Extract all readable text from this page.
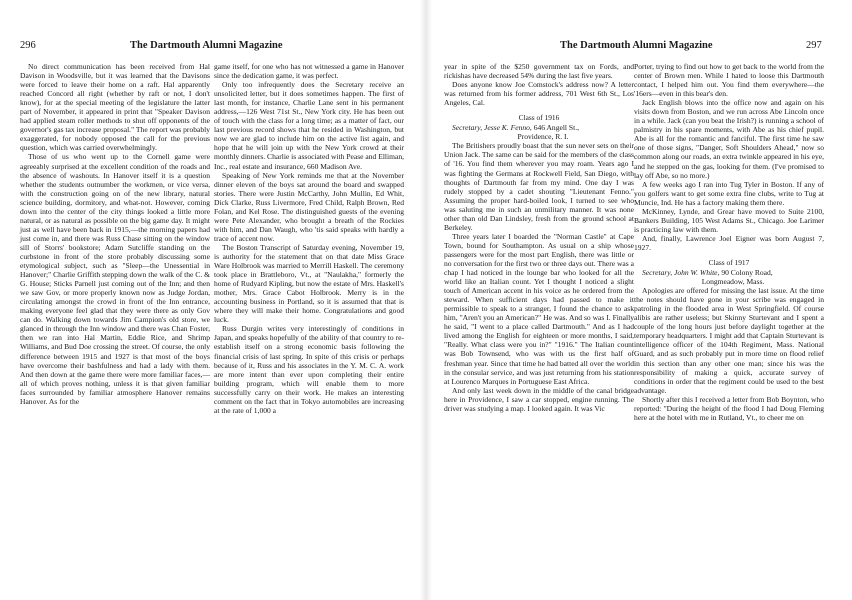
296	The Dartmouth Alumni Magazine

No direct communication has been received from Hal Davison in Woodsville, but it was learned that the Davisons were forced to leave their home on a raft. Hal apparently reached Concord all right (whether by raft or not, I don't know), for at the special meeting of the legislature the latter part of November, it appeared in print that "Speaker Davison had applied steam roller methods to shut off opponents of the governor's gas tax increase proposal." The report was probably exaggerated, for nobody opposed the call for the previous question, which was carried overwhelmingly.

Those of us who went up to the Cornell game were agreeably surprised at the excellent condition of the roads and the absence of washouts. In Hanover itself it is a question whether the students outnumber the workmen, or vice versa, with the construction going on of the new library, natural science building, dormitory, and what-not. However, coming down into the center of the city things looked a little more natural, or as natural as possible on the big game day. It might just as well have been back in 1915,—the morning papers had just come in, and there was Russ Chase sitting on the window sill of Storrs' bookstore; Adam Sutcliffe standing on the curbstone in front of the store probably discussing some etymological subject, such as "Sleep—the Unessential in Hanover;" Charlie Griffith stepping down the walk of the C. & G. House; Sticks Parnell just coming out of the Inn; and then we saw Gov, or more properly known now as Judge Jordan, circulating amongst the crowd in front of the Inn entrance, making everyone feel glad that they were there as only Gov can do. Walking down towards Jim Campion's old store, we glanced in through the Inn window and there was Chan Foster, then we ran into Hal Martin, Eddie Rice, and Shrimp Williams, and Bud Doe crossing the street. Of course, the only difference between 1915 and 1927 is that most of the boys have overcome their bashfulness and had a lady with them. And then down at the game there were more familiar faces,—all of which proves nothing, unless it is that given familiar faces surrounded by familiar atmosphere Hanover remains Hanover. As for the

game itself, for one who has not witnessed a game in Hanover since the dedication game, it was perfect.

Only too infrequently does the Secretary receive an unsolicited letter, but it does sometimes happen. The first of last month, for instance, Charlie Lane sent in his permanent address,—126 West 71st St., New York city. He has been out of touch with the class for a long time; as a matter of fact, our last previous record shows that he resided in Washington, but now we are glad to include him on the active list again, and hope that he will join up with the New York crowd at their monthly dinners. Charlie is associated with Pease and Elliman, Inc., real estate and insurance, 660 Madison Ave.

Speaking of New York reminds me that at the November dinner eleven of the boys sat around the board and swapped stories. There were Justin McCarthy, John Mullin, Ed Whit, Dick Clarke, Russ Livermore, Fred Child, Ralph Brown, Red Folan, and Kel Rose. The distinguished guests of the evening were Pete Alexander, who brought a breath of the Rockies with him, and Dan Waugh, who 'tis said speaks with hardly a trace of accent now.

The Boston Transcript of Saturday evening, November 19, is authority for the statement that on that date Miss Grace Ware Holbrook was married to Merrill Haskell. The ceremony took place in Brattleboro, Vt., at "Naulakha," formerly the home of Rudyard Kipling, but now the estate of Mrs. Haskell's mother, Mrs. Grace Cabot Holbrook. Merry is in the accounting business in Portland, so it is assumed that that is where they will make their home. Congratulations and good luck.

Russ Durgin writes very interestingly of conditions in Japan, and speaks hopefully of the ability of that country to re-establish itself on a strong economic basis following the financial crisis of last spring. In spite of this crisis or perhaps because of it, Russ and his associates in the Y. M. C. A. work are more intent than ever upon completing their entire building program, which will enable them to more successfully carry on their work. He makes an interesting comment on the fact that in Tokyo automobiles are increasing at the rate of 1,000 a

The Dartmouth Alumni Magazine	297

year in spite of the $250 government tax on Fords, and rickishas have decreased 54% during the last five years.

Does anyone know Joe Comstock's address now? A letter was returned from his former address, 701 West 6th St., Los Angeles, Cal.

Class of 1916

Secretary, Jesse K. Fenno, 646 Angell St.,
Providence, R. I.

The Britishers proudly boast that the sun never sets on their Union Jack. The same can be said for the members of the class of '16. You find them wherever you may roam. Years ago I was fighting the Germans at Rockwell Field, San Diego, with thoughts of Dartmouth far from my mind. One day I was rudely stopped by a cadet shouting "Lieutenant Fenno." Assuming the proper hard-boiled look, I turned to see who was saluting me in such an unmilitary manner. It was none other than old Dan Lindsley, fresh from the ground school at Berkeley.

Three years later I boarded the "Norman Castle" at Cape Town, bound for Southampton. As usual on a ship whose passengers were for the most part English, there was little or no conversation for the first two or three days out. There was a chap I had noticed in the lounge bar who looked for all the world like an Italian count. Yet I thought I noticed a slight touch of American accent in his voice as he ordered from the steward. When sufficient days had passed to make it permissible to speak to a stranger, I found the chance to ask him, "Aren't you an American?" He was. And so was I. Finally he said, "I went to a place called Dartmouth." And as I had lived among the English for eighteen or more months, I said, "Really. What class were you in?" "1916." The Italian count was Bob Townsend, who was with us the first half of freshman year. Since that time he had batted all over the world in the consular service, and was just returning from his station at Lourenco Marques in Portuguese East Africa.

And only last week down in the middle of the canal bridge here in Providence, I saw a car stopped, engine running. The driver was studying a map. I looked again. It was Vic

Porter, trying to find out how to get back to the world from the center of Brown men. While I hated to loose this Dartmouth contact, I helped him out. You find them everywhere—the '16ers—even in this bear's den.

Jack English blows into the office now and again on his visits down from Boston, and we run across Abe Lincoln once in a while. Jack (can you beat the Irish?) is running a school of palmistry in his spare moments, with Abe as his chief pupil. Abe is all for the romantic and fanciful. The first time he saw one of those signs, "Danger, Soft Shoulders Ahead," now so common along our roads, an extra twinkle appeared in his eye, and he stepped on the gas, looking for them. (I've promised to lay off Abe, so no more.)

A few weeks ago I ran into Tug Tyler in Boston. If any of you golfers want to get some extra fine clubs, write to Tug at Muncie, Ind. He has a factory making them there.

McKinney, Lynde, and Grear have moved to Suite 2100, Bankers Building, 105 West Adams St., Chicago. Joe Larimer is practicing law with them.

And, finally, Lawrence Joel Eigner was born August 7, 1927.

Class of 1917

Secretary, John W. White, 90 Colony Road,
Longmeadow, Mass.

Apologies are offered for missing the last issue. At the time the notes should have gone in your scribe was engaged in patroling in the flooded area in West Springfield. Of course alibis are rather useless; but Skinny Sturtevant and I spent a couple of the long hours just before daylight together at the temporary headquarters. I might add that Captain Sturtevant is intelligence officer of the 104th Regiment, Mass. National Guard, and as such probably put in more time on flood relief in this section than any other one man; since his was the responsibility of making a quick, accurate survey of conditions in order that the regiment could be used to the best advantage.

Shortly after this I received a letter from Bob Boynton, who reported: "During the height of the flood I had Doug Fleming here at the hotel with me in Rutland, Vt., to cheer me on
